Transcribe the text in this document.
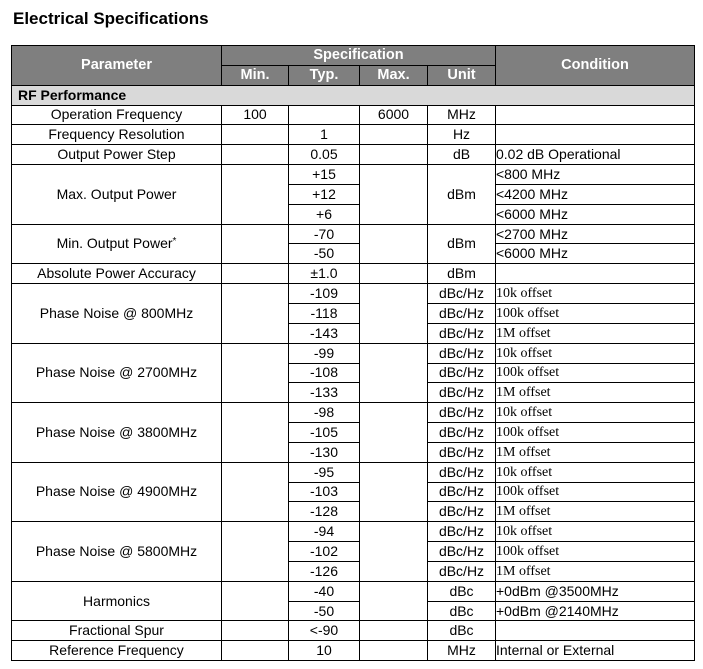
Electrical Specifications
Parameter	Specification				Condition
	Min.	Typ.	Max.	Unit	
RF Performance					
Operation Frequency	100		6000	MHz	
Frequency Resolution		1		Hz	
Output Power Step		0.05		dB	0.02 dB Operational
Max. Output Power		+15		dBm	<800 MHz
		+12			<4200 MHz
		+6			<6000 MHz
Min. Output Power*		-70		dBm	<2700 MHz
		-50			<6000 MHz
Absolute Power Accuracy		±1.0		dBm	
Phase Noise @ 800MHz		-109		dBc/Hz	10k offset
		-118		dBc/Hz	100k offset
		-143		dBc/Hz	1M offset
Phase Noise @ 2700MHz		-99		dBc/Hz	10k offset
		-108		dBc/Hz	100k offset
		-133		dBc/Hz	1M offset
Phase Noise @ 3800MHz		-98		dBc/Hz	10k offset
		-105		dBc/Hz	100k offset
		-130		dBc/Hz	1M offset
Phase Noise @ 4900MHz		-95		dBc/Hz	10k offset
		-103		dBc/Hz	100k offset
		-128		dBc/Hz	1M offset
Phase Noise @ 5800MHz		-94		dBc/Hz	10k offset
		-102		dBc/Hz	100k offset
		-126		dBc/Hz	1M offset
Harmonics		-40		dBc	+0dBm @3500MHz
		-50		dBc	+0dBm @2140MHz
Fractional Spur		<-90		dBc	
Reference Frequency		10		MHz	Internal or External
